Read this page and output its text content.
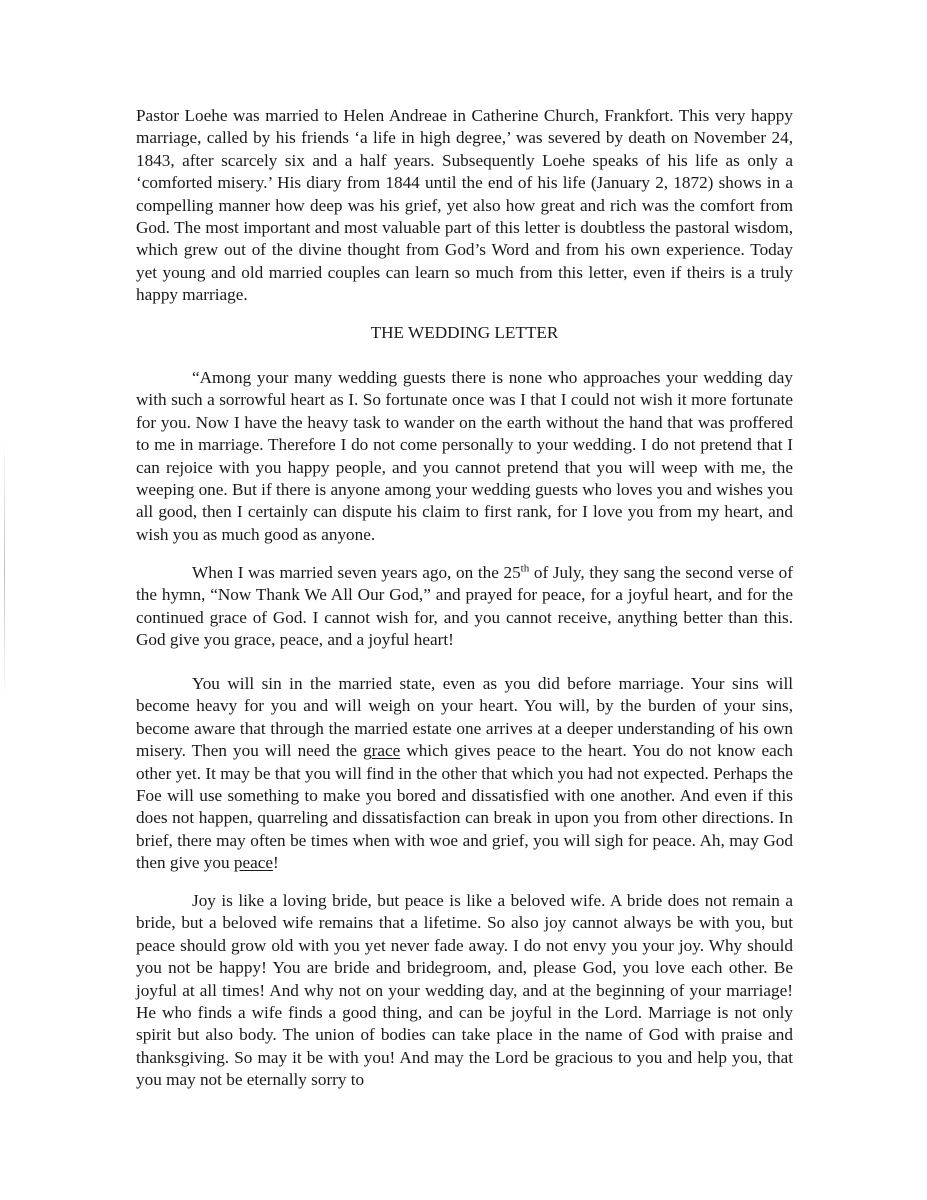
Pastor Loehe was married to Helen Andreae in Catherine Church, Frankfort. This very happy marriage, called by his friends ‘a life in high degree,’ was severed by death on November 24, 1843, after scarcely six and a half years. Subsequently Loehe speaks of his life as only a ‘comforted misery.’ His diary from 1844 until the end of his life (January 2, 1872) shows in a compelling manner how deep was his grief, yet also how great and rich was the comfort from God. The most important and most valuable part of this letter is doubtless the pastoral wisdom, which grew out of the divine thought from God’s Word and from his own experience. Today yet young and old married couples can learn so much from this letter, even if theirs is a truly happy marriage.

THE WEDDING LETTER

“Among your many wedding guests there is none who approaches your wedding day with such a sorrowful heart as I. So fortunate once was I that I could not wish it more fortunate for you. Now I have the heavy task to wander on the earth without the hand that was proffered to me in marriage. Therefore I do not come personally to your wedding. I do not pretend that I can rejoice with you happy people, and you cannot pretend that you will weep with me, the weeping one. But if there is anyone among your wedding guests who loves you and wishes you all good, then I certainly can dispute his claim to first rank, for I love you from my heart, and wish you as much good as anyone.

When I was married seven years ago, on the 25th of July, they sang the second verse of the hymn, “Now Thank We All Our God,” and prayed for peace, for a joyful heart, and for the continued grace of God. I cannot wish for, and you cannot receive, anything better than this. God give you grace, peace, and a joyful heart!

You will sin in the married state, even as you did before marriage. Your sins will become heavy for you and will weigh on your heart. You will, by the burden of your sins, become aware that through the married estate one arrives at a deeper understanding of his own misery. Then you will need the grace which gives peace to the heart. You do not know each other yet. It may be that you will find in the other that which you had not expected. Perhaps the Foe will use something to make you bored and dissatisfied with one another. And even if this does not happen, quarreling and dissatisfaction can break in upon you from other directions. In brief, there may often be times when with woe and grief, you will sigh for peace. Ah, may God then give you peace!

Joy is like a loving bride, but peace is like a beloved wife. A bride does not remain a bride, but a beloved wife remains that a lifetime. So also joy cannot always be with you, but peace should grow old with you yet never fade away. I do not envy you your joy. Why should you not be happy! You are bride and bridegroom, and, please God, you love each other. Be joyful at all times! And why not on your wedding day, and at the beginning of your marriage! He who finds a wife finds a good thing, and can be joyful in the Lord. Marriage is not only spirit but also body. The union of bodies can take place in the name of God with praise and thanksgiving. So may it be with you! And may the Lord be gracious to you and help you, that you may not be eternally sorry to
